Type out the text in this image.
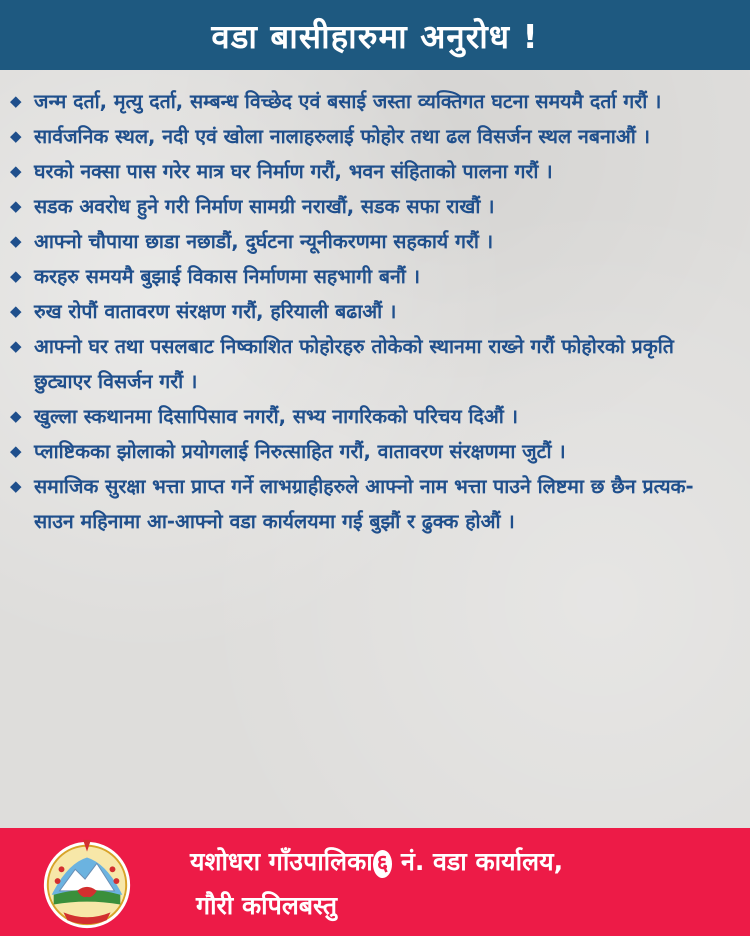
वडा बासीहारुमा अनुरोध !
◆ जन्म दर्ता, मृत्यु दर्ता, सम्बन्ध विच्छेद एवं बसाई जस्ता व्यक्तिगत घटना समयमै दर्ता गरौं ।
◆ सार्वजनिक स्थल, नदी एवं खोला नालाहरुलाई फोहोर तथा ढल विसर्जन स्थल नबनाऔं ।
◆ घरको नक्सा पास गरेर मात्र घर निर्माण गरौं, भवन संहिताको पालना गरौं ।
◆ सडक अवरोध हुने गरी निर्माण सामग्री नराखौं, सडक सफा राखौं ।
◆ आफ्नो चौपाया छाडा नछाडौं, दुर्घटना न्यूनीकरणमा सहकार्य गरौं ।
◆ करहरु समयमै बुझाई विकास निर्माणमा सहभागी बनौं ।
◆ रुख रोपौं वातावरण संरक्षण गरौं, हरियाली बढाऔं ।
◆ आफ्नो घर तथा पसलबाट निष्काशित फोहोरहरु तोकेको स्थानमा राख्ने गरौं फोहोरको प्रकृति छुट्याएर विसर्जन गरौं ।
◆ खुल्ला स्कथानमा दिसापिसाव नगरौं, सभ्य नागरिकको परिचय दिऔं ।
◆ प्लाष्टिकका झोलाको प्रयोगलाई निरुत्साहित गरौं, वातावरण संरक्षणमा जुटौं ।
◆ समाजिक सुरक्षा भत्ता प्राप्त गर्ने लाभग्राहीहरुले आफ्नो नाम भत्ता पाउने लिष्टमा छ छैन प्रत्यक-साउन महिनामा आ-आफ्नो वडा कार्यलयमा गई बुझौं र ढुक्क होऔं ।
यशोधरा गाँउपालिका ६ नं. वडा कार्यालय,
गौरी कपिलबस्तु
